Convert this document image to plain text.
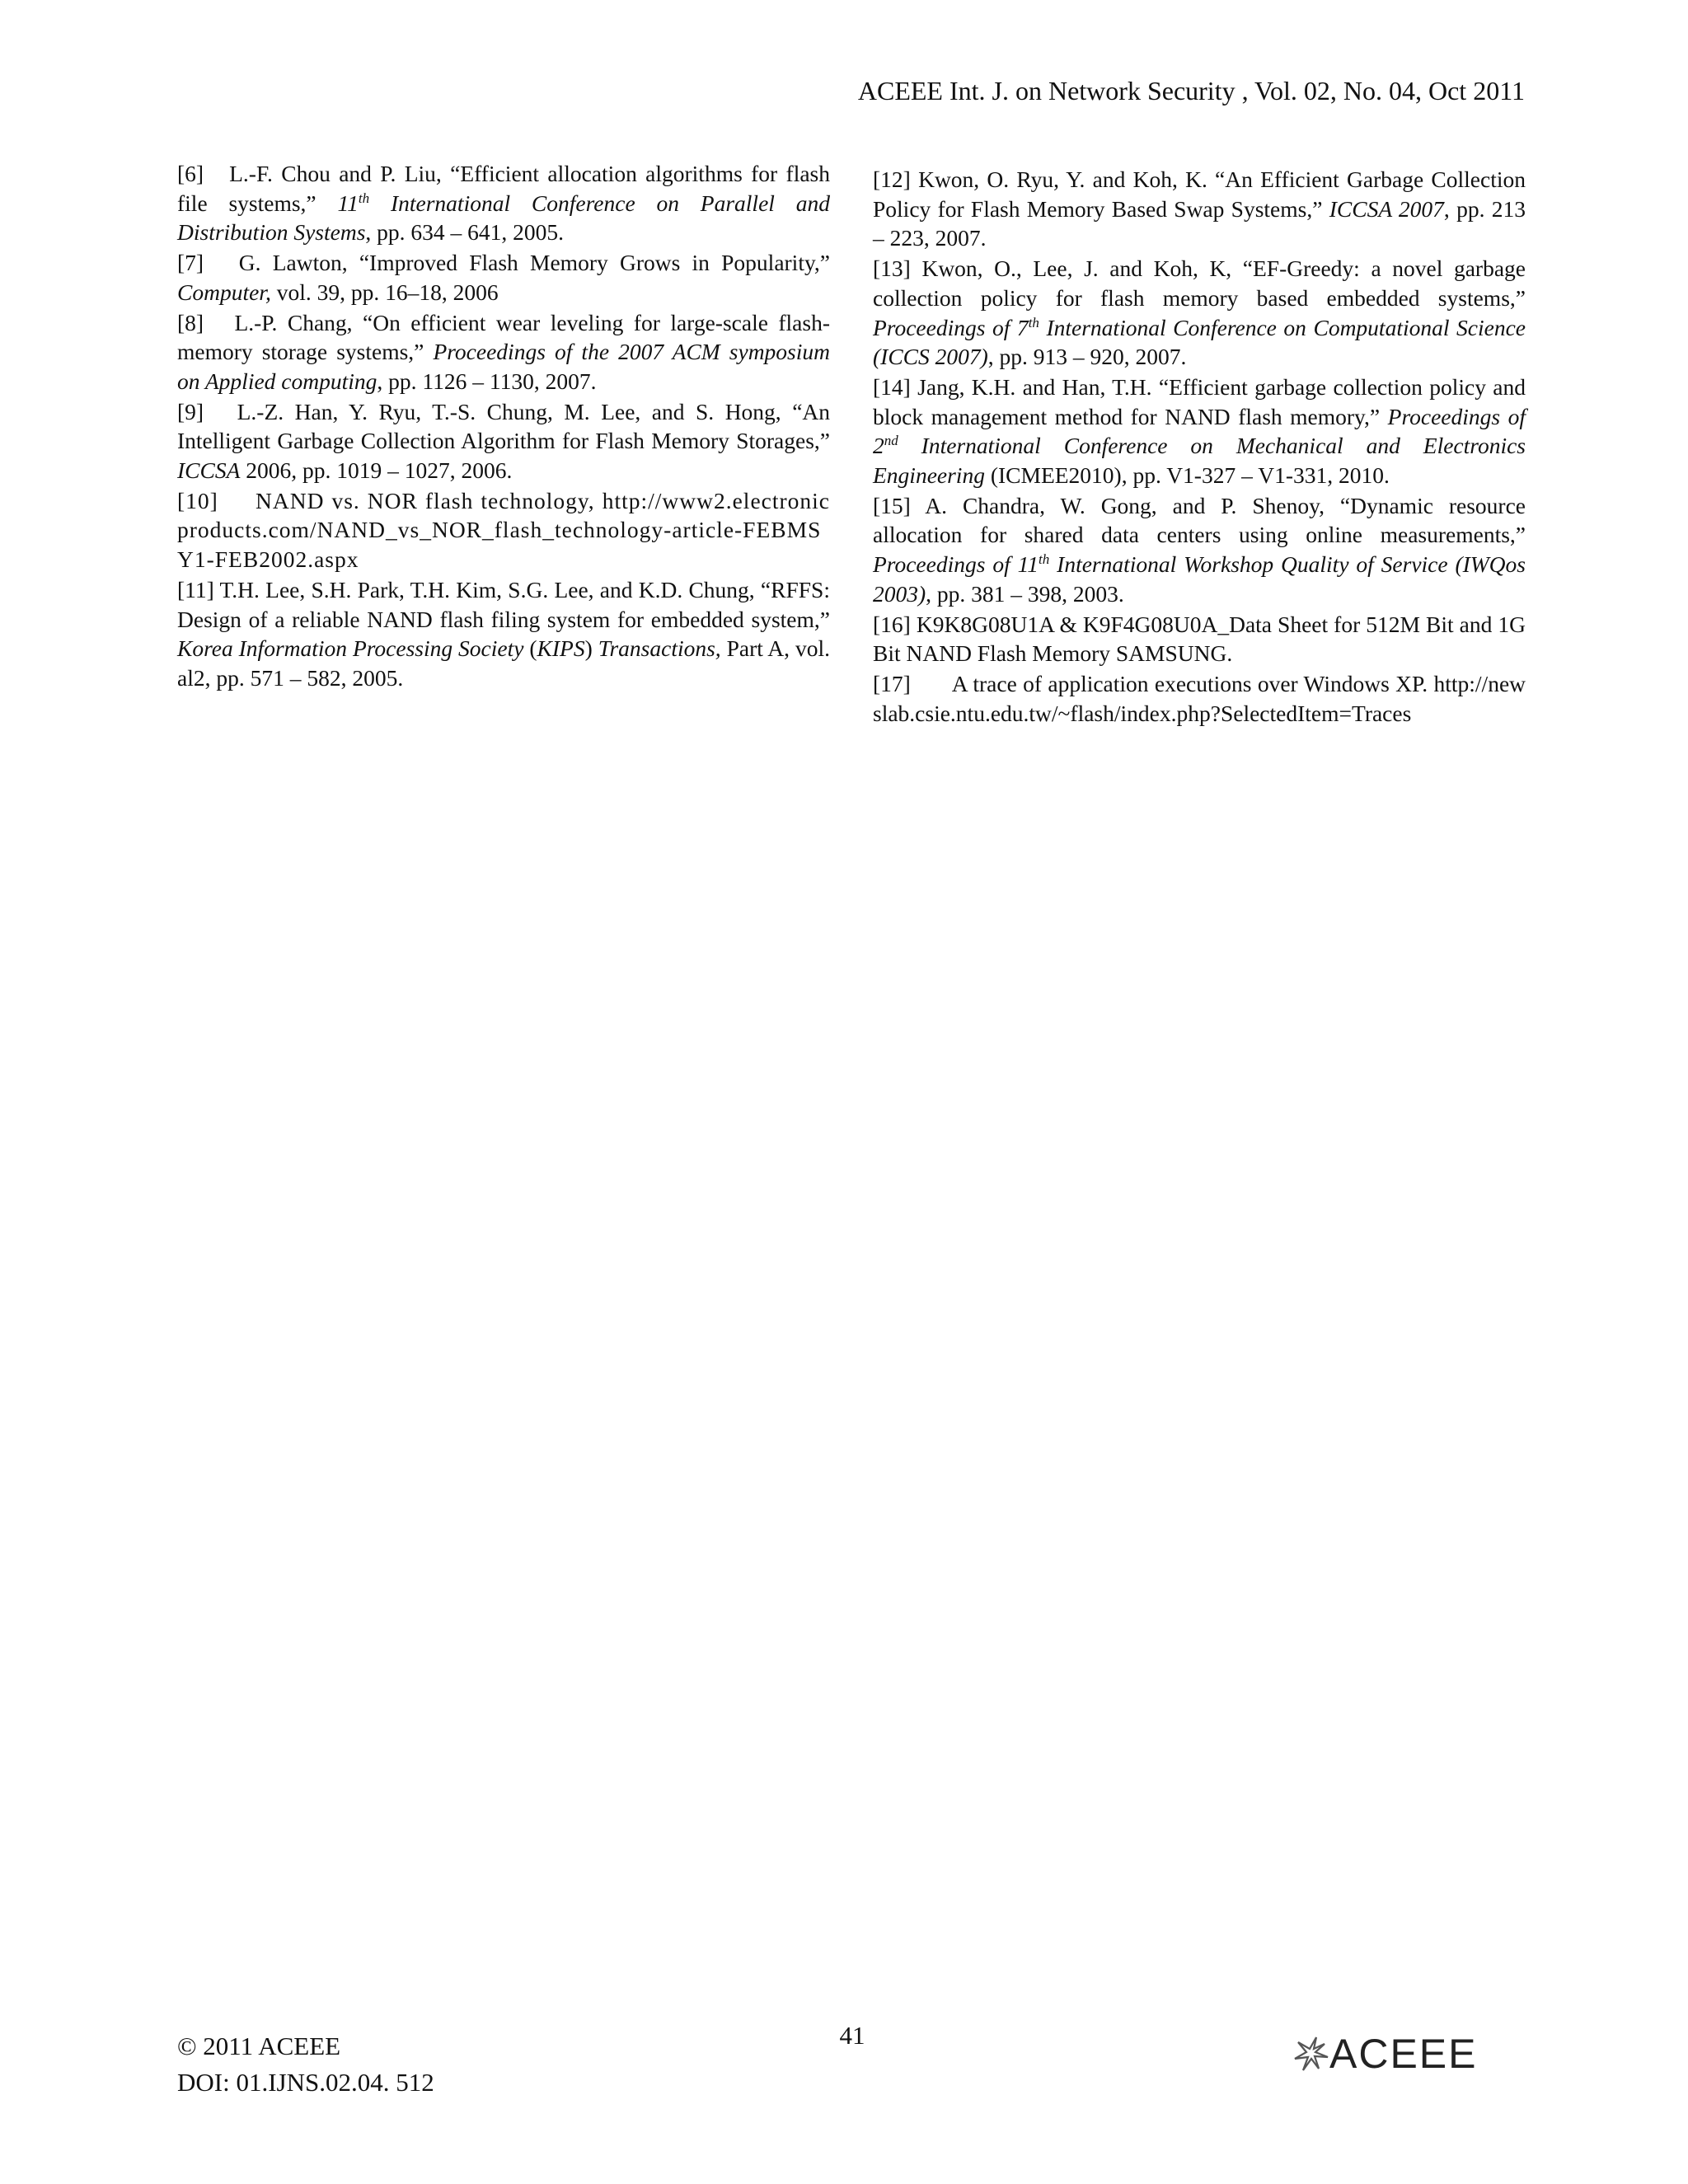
ACEEE Int. J. on Network Security , Vol. 02, No. 04, Oct 2011

[6] L.-F. Chou and P. Liu, “Efficient allocation algorithms for flash file systems,” 11th International Conference on Parallel and Distribution Systems, pp. 634 – 641, 2005.

[7] G. Lawton, “Improved Flash Memory Grows in Popularity,” Computer, vol. 39, pp. 16–18, 2006

[8] L.-P. Chang, “On efficient wear leveling for large-scale flash-memory storage systems,” Proceedings of the 2007 ACM symposium on Applied computing, pp. 1126 – 1130, 2007.

[9] L.-Z. Han, Y. Ryu, T.-S. Chung, M. Lee, and S. Hong, “An Intelligent Garbage Collection Algorithm for Flash Memory Storages,” ICCSA 2006, pp. 1019 – 1027, 2006.

[10] NAND vs. NOR flash technology, http://www2.electronicproducts.com/NAND_vs_NOR_flash_technology-article-FEBMSY1-FEB2002.aspx

[11] T.H. Lee, S.H. Park, T.H. Kim, S.G. Lee, and K.D. Chung, “RFFS: Design of a reliable NAND flash filing system for embedded system,” Korea Information Processing Society (KIPS) Transactions, Part A, vol. al2, pp. 571 – 582, 2005.

[12] Kwon, O. Ryu, Y. and Koh, K. “An Efficient Garbage Collection Policy for Flash Memory Based Swap Systems,” ICCSA 2007, pp. 213 – 223, 2007.

[13] Kwon, O., Lee, J. and Koh, K, “EF-Greedy: a novel garbage collection policy for flash memory based embedded systems,” Proceedings of 7th International Conference on Computational Science (ICCS 2007), pp. 913 – 920, 2007.

[14] Jang, K.H. and Han, T.H. “Efficient garbage collection policy and block management method for NAND flash memory,” Proceedings of 2nd International Conference on Mechanical and Electronics Engineering (ICMEE2010), pp. V1-327 – V1-331, 2010.

[15] A. Chandra, W. Gong, and P. Shenoy, “Dynamic resource allocation for shared data centers using online measurements,” Proceedings of 11th International Workshop Quality of Service (IWQos 2003), pp. 381 – 398, 2003.

[16] K9K8G08U1A & K9F4G08U0A_Data Sheet for 512M Bit and 1G Bit NAND Flash Memory SAMSUNG.

[17] A trace of application executions over Windows XP. http://newslab.csie.ntu.edu.tw/~flash/index.php?SelectedItem=Traces

© 2011 ACEEE
DOI: 01.IJNS.02.04. 512
41	ACEEE
